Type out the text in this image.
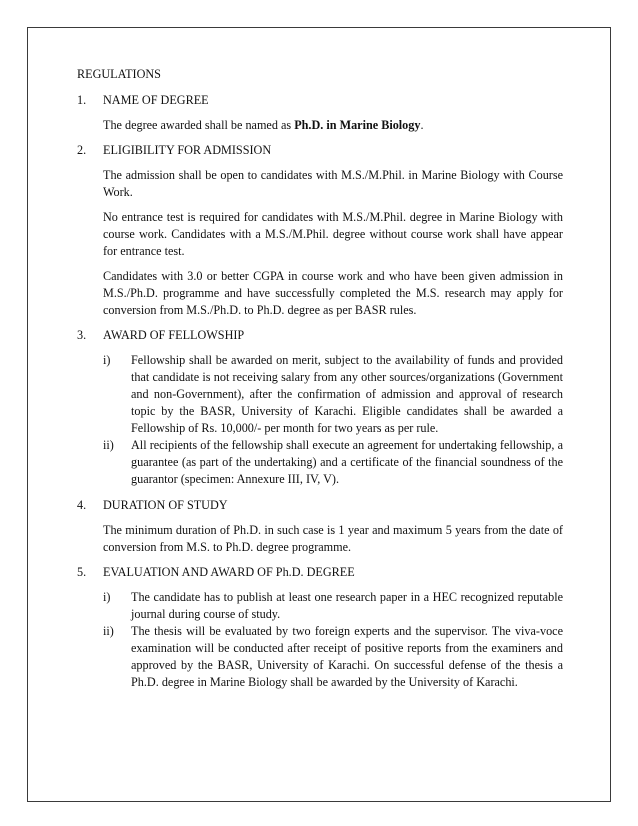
REGULATIONS

1.	NAME OF DEGREE

The degree awarded shall be named as Ph.D. in Marine Biology.

2.	ELIGIBILITY FOR ADMISSION

The admission shall be open to candidates with M.S./M.Phil. in Marine Biology with Course Work.

No entrance test is required for candidates with M.S./M.Phil. degree in Marine Biology with course work. Candidates with a M.S./M.Phil. degree without course work shall have appear for entrance test.

Candidates with 3.0 or better CGPA in course work and who have been given admission in M.S./Ph.D. programme and have successfully completed the M.S. research may apply for conversion from M.S./Ph.D. to Ph.D. degree as per BASR rules.

3.	AWARD OF FELLOWSHIP
i)	Fellowship shall be awarded on merit, subject to the availability of funds and provided that candidate is not receiving salary from any other sources/organizations (Government and non-Government), after the confirmation of admission and approval of research topic by the BASR, University of Karachi. Eligible candidates shall be awarded a Fellowship of Rs. 10,000/- per month for two years as per rule.
ii)	All recipients of the fellowship shall execute an agreement for undertaking fellowship, a guarantee (as part of the undertaking) and a certificate of the financial soundness of the guarantor (specimen: Annexure III, IV, V).
4.	DURATION OF STUDY

The minimum duration of Ph.D. in such case is 1 year and maximum 5 years from the date of conversion from M.S. to Ph.D. degree programme.

5.	EVALUATION AND AWARD OF Ph.D. DEGREE
i)	The candidate has to publish at least one research paper in a HEC recognized reputable journal during course of study.
ii)	The thesis will be evaluated by two foreign experts and the supervisor. The viva-voce examination will be conducted after receipt of positive reports from the examiners and approved by the BASR, University of Karachi. On successful defense of the thesis a Ph.D. degree in Marine Biology shall be awarded by the University of Karachi.
